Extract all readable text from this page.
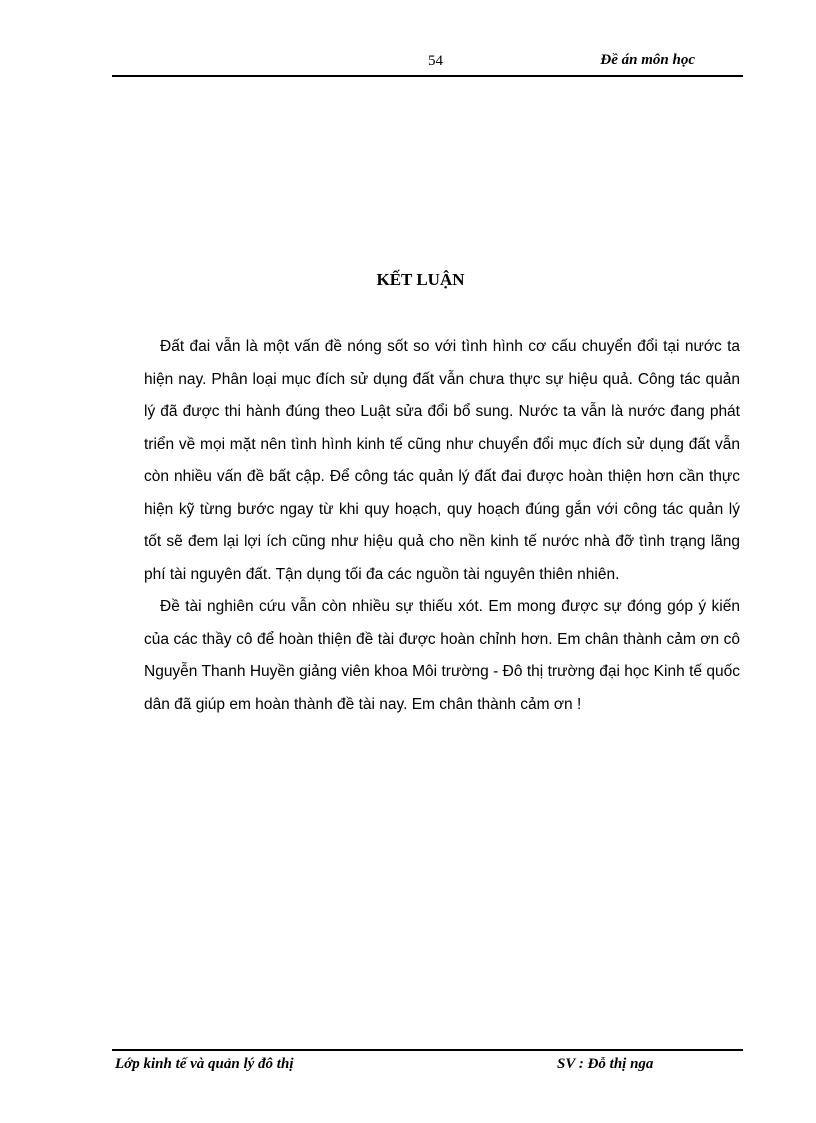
54	Đề án môn học
KẾT LUẬN

Đất đai vẫn là một vấn đề nóng sốt so với tình hình cơ cấu chuyển đổi tại nước ta hiện nay. Phân loại mục đích sử dụng đất vẫn chưa thực sự hiệu quả. Công tác quản lý đã được thi hành đúng theo Luật sửa đổi bổ sung. Nước ta vẫn là nước đang phát triển về mọi mặt nên tình hình kinh tế cũng như chuyển đổi mục đích sử dụng đất vẫn còn nhiều vấn đề bất cập. Để công tác quản lý đất đai được hoàn thiện hơn cần thực hiện kỹ từng bước ngay từ khi quy hoạch, quy hoạch đúng gắn với công tác quản lý tốt sẽ đem lại lợi ích cũng như hiệu quả cho nền kinh tế nước nhà đỡ tình trạng lãng phí tài nguyên đất. Tận dụng tối đa các nguồn tài nguyên thiên nhiên.

Đề tài nghiên cứu vẫn còn nhiều sự thiếu xót. Em mong được sự đóng góp ý kiến của các thầy cô để hoàn thiện đề tài được hoàn chỉnh hơn. Em chân thành cảm ơn cô Nguyễn Thanh Huyền giảng viên khoa Môi trường - Đô thị trường đại học Kinh tế quốc dân đã giúp em hoàn thành đề tài nay. Em chân thành cảm ơn !

Lớp kinh tế và quản lý đô thị	SV : Đỗ thị nga
